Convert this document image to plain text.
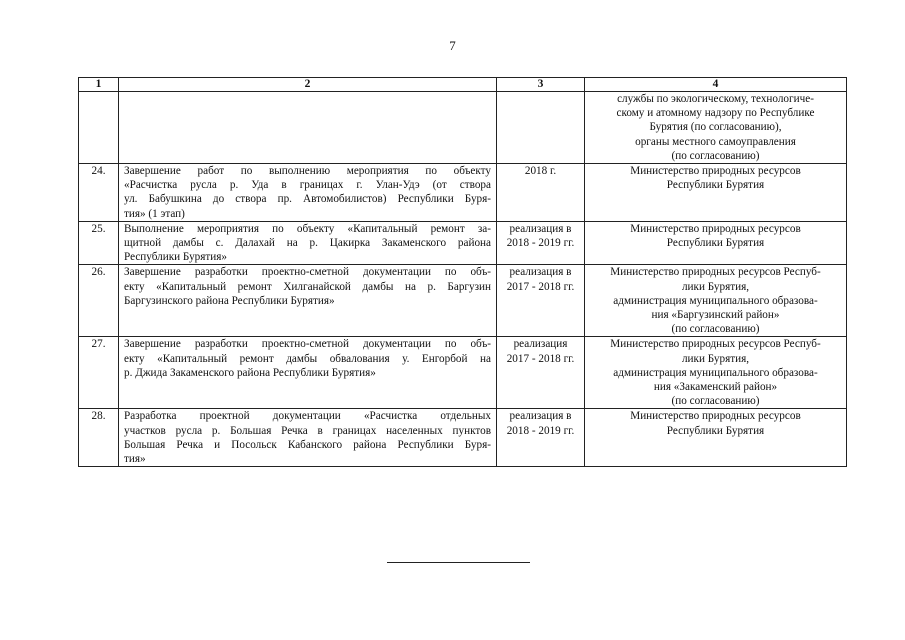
7
1	2	3	4

			службы по экологическому, технологиче-
скому и атомному надзору по Республике
Бурятия (по согласованию),
органы местного самоуправления
(по согласованию)

24.	Завершение работ по выполнению мероприятия по объекту
«Расчистка русла р. Уда в границах г. Улан-Удэ (от створа
ул. Бабушкина до створа пр. Автомобилистов) Республики Буря-
тия» (1 этап)	2018 г.	Министерство природных ресурсов
Республики Бурятия

25.	Выполнение мероприятия по объекту «Капитальный ремонт за-
щитной дамбы с. Далахай на р. Цакирка Закаменского района
Республики Бурятия»	реализация в
2018 - 2019 гг.	Министерство природных ресурсов
Республики Бурятия

26.	Завершение разработки проектно-сметной документации по объ-
екту «Капитальный ремонт Хилганайской дамбы на р. Баргузин
Баргузинского района Республики Бурятия»	реализация в
2017 - 2018 гг.	Министерство природных ресурсов Респуб-
лики Бурятия,
администрация муниципального образова-
ния «Баргузинский район»
(по согласованию)

27.	Завершение разработки проектно-сметной документации по объ-
екту «Капитальный ремонт дамбы обвалования у. Енгорбой на
р. Джида Закаменского района Республики Бурятия»	реализация
2017 - 2018 гг.	Министерство природных ресурсов Респуб-
лики Бурятия,
администрация муниципального образова-
ния «Закаменский район»
(по согласованию)

28.	Разработка проектной документации «Расчистка отдельных
участков русла р. Большая Речка в границах населенных пунктов
Большая Речка и Посольск Кабанского района Республики Буря-
тия»	реализация в
2018 - 2019 гг.	Министерство природных ресурсов
Республики Бурятия
